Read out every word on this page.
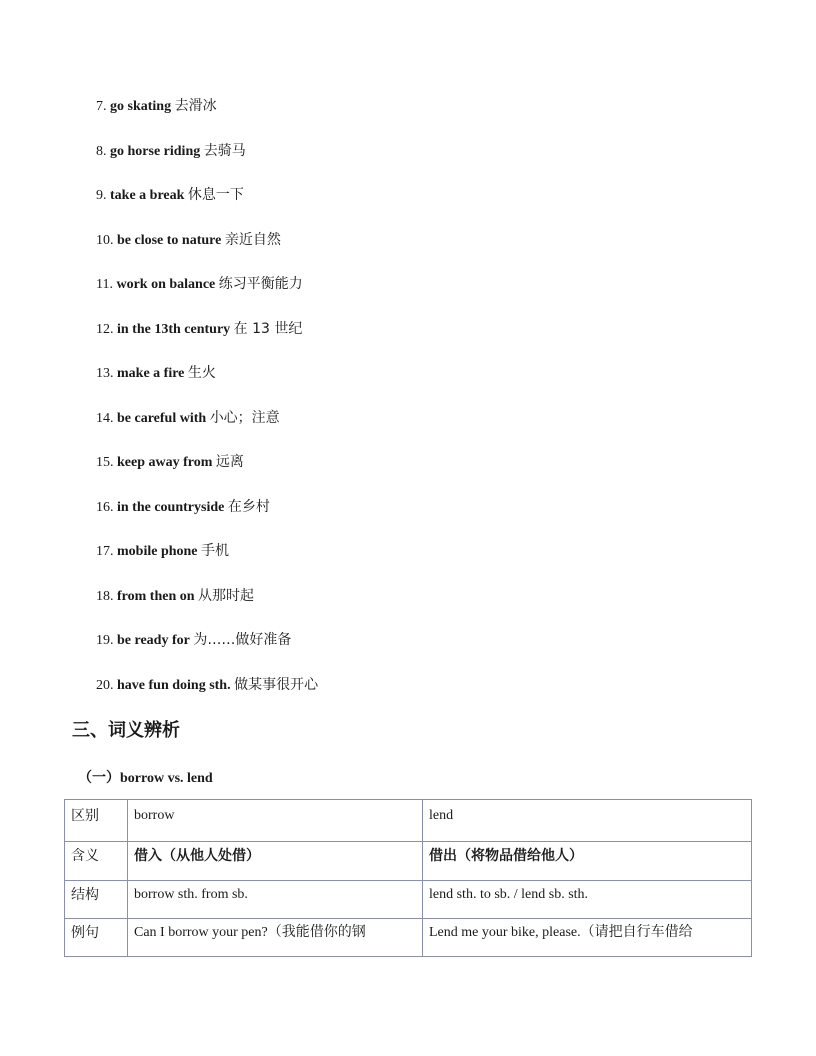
7. go skating 去滑冰
8. go horse riding 去骑马
9. take a break 休息一下
10. be close to nature 亲近自然
11. work on balance 练习平衡能力
12. in the 13th century 在 13 世纪
13. make a fire 生火
14. be careful with 小心；注意
15. keep away from 远离
16. in the countryside 在乡村
17. mobile phone 手机
18. from then on 从那时起
19. be ready for 为……做好准备
20. have fun doing sth. 做某事很开心
三、词义辨析
（一）borrow vs. lend
区别	borrow	lend
含义	借入（从他人处借）	借出（将物品借给他人）
结构	borrow sth. from sb.	lend sth. to sb. / lend sb. sth.
例句	Can I borrow your pen?（我能借你的钢	Lend me your bike, please.（请把自行车借给
